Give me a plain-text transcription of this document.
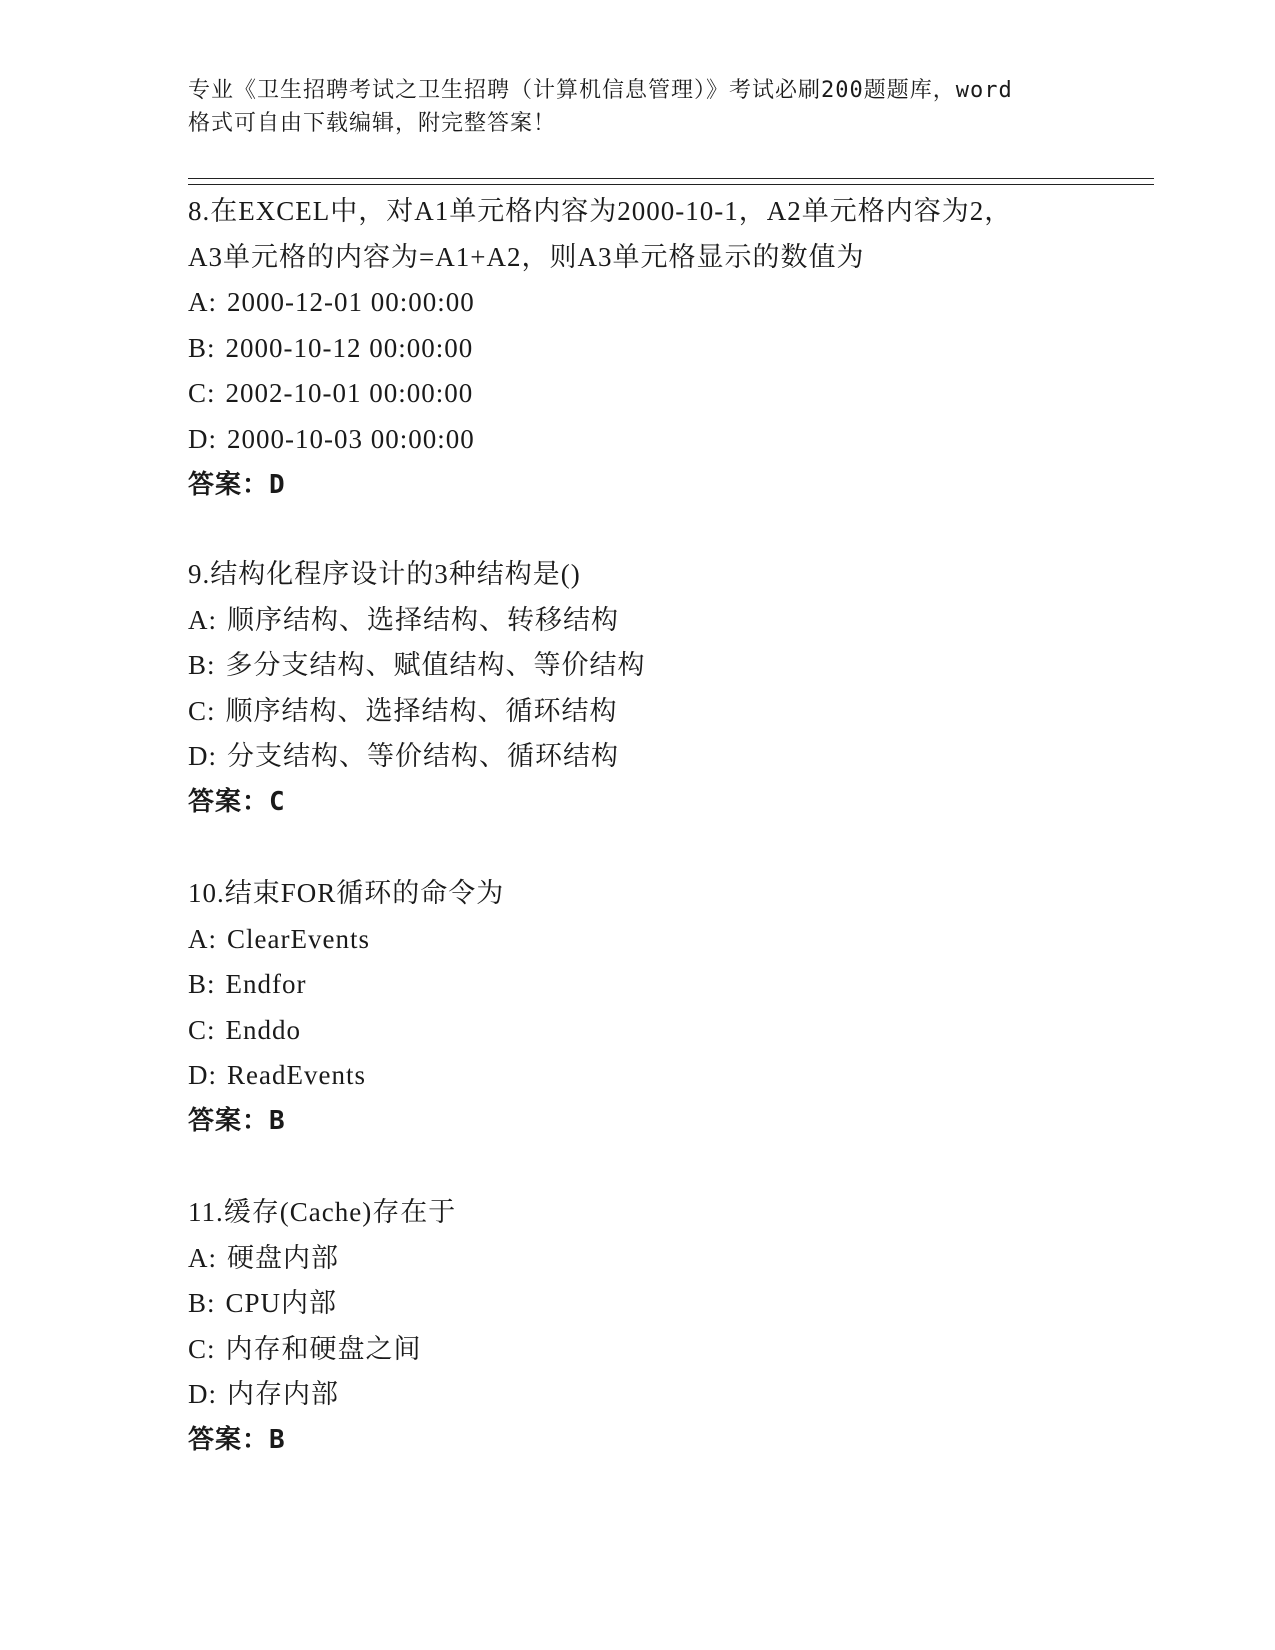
专业《卫生招聘考试之卫生招聘（计算机信息管理）》考试必刷200题题库，word
格式可自由下载编辑，附完整答案！
8.在EXCEL中，对A1单元格内容为2000-10-1，A2单元格内容为2，
A3单元格的内容为=A1+A2，则A3单元格显示的数值为
A: 2000-12-01 00:00:00
B: 2000-10-12 00:00:00
C: 2002-10-01 00:00:00
D: 2000-10-03 00:00:00
答案：D
9.结构化程序设计的3种结构是()
A: 顺序结构、选择结构、转移结构
B: 多分支结构、赋值结构、等价结构
C: 顺序结构、选择结构、循环结构
D: 分支结构、等价结构、循环结构
答案：C
10.结束FOR循环的命令为
A: ClearEvents
B: Endfor
C: Enddo
D: ReadEvents
答案：B
11.缓存(Cache)存在于
A: 硬盘内部
B: CPU内部
C: 内存和硬盘之间
D: 内存内部
答案：B
